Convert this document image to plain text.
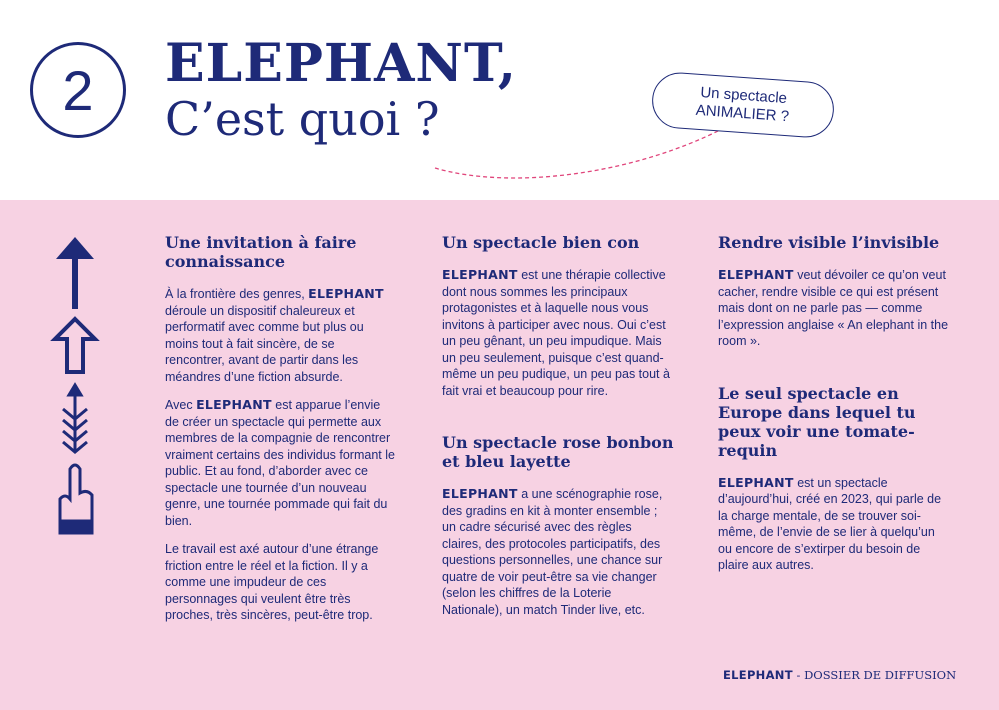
2 ELEPHANT,
C’est quoi ?	Un spectacle
ANIMALIER ?
Une invitation à faire connaissance

À la frontière des genres, ELEPHANT déroule un dispositif chaleureux et performatif avec comme but plus ou moins tout à fait sincère, de se rencontrer, avant de partir dans les méandres d’une fiction absurde.

Avec ELEPHANT est apparue l’envie de créer un spectacle qui permette aux membres de la compagnie de rencontrer vraiment certains des individus formant le public. Et au fond, d’aborder avec ce spectacle une tournée d’un nouveau genre, une tournée pommade qui fait du bien.

Le travail est axé autour d’une étrange friction entre le réel et la fiction. Il y a comme une impudeur de ces personnages qui veulent être très proches, très sincères, peut-être trop.

Un spectacle bien con

ELEPHANT est une thérapie collective dont nous sommes les principaux protagonistes et à laquelle nous vous invitons à participer avec nous. Oui c’est un peu gênant, un peu impudique. Mais un peu seulement, puisque c’est quand-même un peu pudique, un peu pas tout à fait vrai et beaucoup pour rire.

Un spectacle rose bonbon et bleu layette

ELEPHANT a une scénographie rose, des gradins en kit à monter ensemble ; un cadre sécurisé avec des règles claires, des protocoles participatifs, des questions personnelles, une chance sur quatre de voir peut-être sa vie changer (selon les chiffres de la Loterie Nationale), un match Tinder live, etc.

Rendre visible l’invisible

ELEPHANT veut dévoiler ce qu’on veut cacher, rendre visible ce qui est présent mais dont on ne parle pas — comme l’expression anglaise « An elephant in the room ».

Le seul spectacle en Europe dans lequel tu peux voir une tomate-requin

ELEPHANT est un spectacle d’aujourd’hui, créé en 2023, qui parle de la charge mentale, de se trouver soi-même, de l’envie de se lier à quelqu’un ou encore de s’extirper du besoin de plaire aux autres.

ELEPHANT - DOSSIER DE DIFFUSION
